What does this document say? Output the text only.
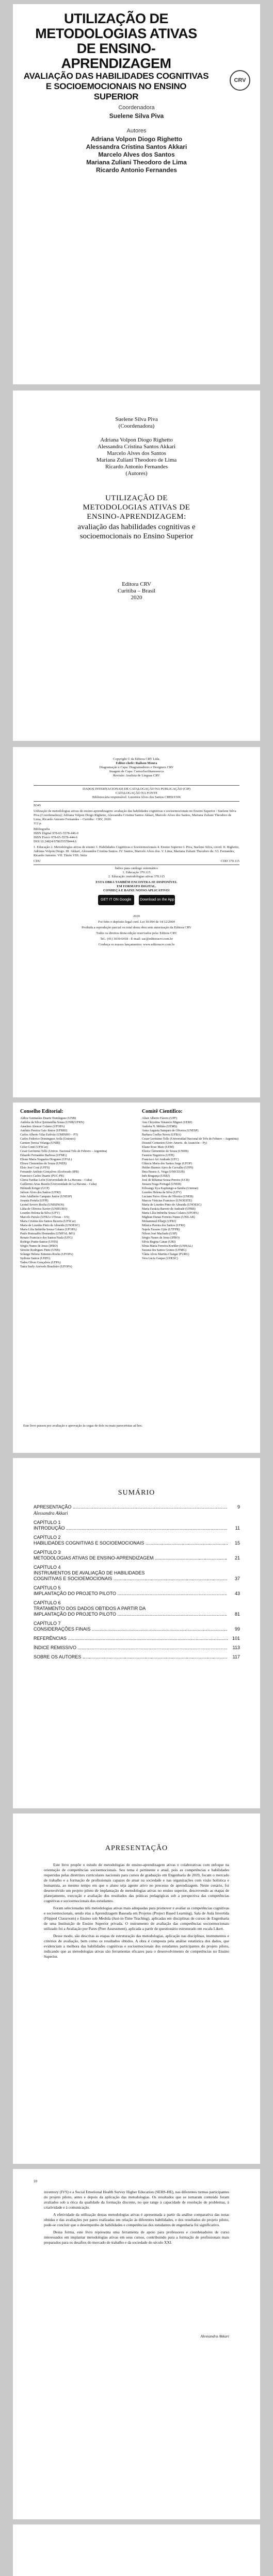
UTILIZAÇÃO DE
METODOLOGIAS ATIVAS
DE ENSINO-APRENDIZAGEM
AVALIAÇÃO DAS HABILIDADES COGNITIVAS
E SOCIOEMOCIONAIS NO ENSINO SUPERIOR
CRV
Coordenadora
Suelene Silva Piva
Autores
Adriana Volpon Diogo Righetto
Alessandra Cristina Santos Akkari
Marcelo Alves dos Santos
Mariana Zuliani Theodoro de Lima
Ricardo Antonio Fernandes
Suelene Silva Piva
(Coordenadora)
Adriana Volpon Diogo Righetto
Alessandra Cristina Santos Akkari
Marcelo Alves dos Santos
Mariana Zuliani Theodoro de Lima
Ricardo Antonio Fernandes
(Autores)
UTILIZAÇÃO DE
METODOLOGIAS ATIVAS DE
ENSINO-APRENDIZAGEM:
avaliação das habilidades cognitivas e
socioemocionais no Ensino Superior
Editora CRV
Curitiba – Brasil
2020
Copyright © da Editora CRV Ltda.
Editor-chefe: Railson Moura
Diagramação e Capa: Diagramadores e Designers CRV
Imagem de Capa: Canva/facilitanswerca
Revisão: Analista de Línguas CRV
DADOS INTERNACIONAIS DE CATALOGAÇÃO NA PUBLICAÇÃO (CIP)
CATALOGAÇÃO NA FONTE
Bibliotecária responsável: Luzenira Alves dos Santos CRB9/1506

B345

Utilização de metodologias ativas de ensino-aprendizagem: avaliação das habilidades cognitivas e socioemocionais no Ensino Superior / Suelene Silva Piva (Coordenadora); Adriana Volpon Diogo Righetto, Alessandra Cristina Santos Akkari, Marcelo Alves dos Santos, Mariana Zuliani Theodoro de Lima, Ricardo Antonio Fernandes – Curitiba : CRV, 2020.
112 p.

Bibliografia
ISBN Digital 978-65-5578-446-0
ISBN Físico 978-65-5578-444-6
DOI 10.24824/978655578444.6

1. Educação 2. Metodologias ativas de ensino 3. Habilidades Cognitivas e Socioemocionais 4. Ensino Superior I. Piva, Suelene Silva, coord. II. Righetto, Adriana Volpon Diogo. III. Akkari, Alessandra Cristina Santos. IV. Santos, Marcelo Alves dos. V. Lima, Mariana Zuliani Theodoro de. VI. Fernandes, Ricardo Antonio. VII. Título VIII. Série

CDU	CDD 370.115

Índice para catálogo sistemático
1. Educação 370.115
2. Educação: metodologias ativas 370.115

ESTA OBRA TAMBÉM ENCONTRA-SE DISPONÍVEL
EM FORMATO DIGITAL.
CONHEÇA E BAIXE NOSSO APLICATIVO!

GET IT ON Google Play Download on the App Store

2020

Foi feito o depósito legal conf. Lei 10.994 de 14/12/2004

Proibida a reprodução parcial ou total desta obra sem autorização da Editora CRV

Todos os direitos desta edição reservados pela: Editora CRV

Tel.: (41) 3039-6418 - E-mail: sac@editoracrv.com.br

Conheça os nossos lançamentos: www.editoracrv.com.br

Conselho Editorial:
Aldira Guimarães Duarte Domínguez (UNB)
Andréia da Silva Quintanilha Sousa (UNIR/UFRN)
Anselmo Alencar Colares (UFOPA)
Antônio Pereira Gaio Júnior (UFRRJ)
Carlos Alberto Vilar Estêvão (UMINHO – PT)
Carlos Federico Dominguez Avila (Unieuro)
Carmen Tereza Velanga (UNIR)
Celso Conti (UFSCar)
Cesar Gerónimo Tello (Univer. Nacional Três de Febrero – Argentina)
Eduardo Fernandes Barbosa (UFMG)
Elione Maria Nogueira Diogenes (UFAL)
Elizeu Clementino de Souza (UNEB)
Élsio José Corá (UFFS)
Fernando Antônio Gonçalves Alcoforado (IPB)
Francisco Carlos Duarte (PUC-PR)
Gloria Fariñas León (Universidade de La Havana – Cuba)
Guillermo Arias Beatón (Universidade de La Havana – Cuba)
Helmuth Krüger (UCP)
Jailson Alves dos Santos (UFRJ)
João Adalberto Campato Junior (UNESP)
Josania Portela (UFPI)
Leonel Severo Rocha (UNISINOS)
Lídia de Oliveira Xavier (UNIEURO)
Lourdes Helena da Silva (UFV)
Marcelo Paixão (UFRJ e UTexas – US)
Maria Cristina dos Santos Bezerra (UFSCar)
Maria de Lourdes Pinto de Almeida (UNOESC)
Maria Lília Imbiriba Sousa Colares (UFOPA)
Paulo Romualdo Hernandes (UNIFAL-MG)
Renato Francisco dos Santos Paula (UFG)
Rodrigo Pratte-Santos (UFES)
Sérgio Nunes de Jesus (IFRO)
Simone Rodrigues Pinto (UNB)
Solange Helena Ximenes-Rocha (UFOPA)
Sydione Santos (UEPG)
Tadeu Oliver Gonçalves (UFPA)
Tania Suely Azevedo Brasileiro (UFOPA)
Comitê Científico:
Altair Alberto Fávero (UPF)
Ana Chrystina Venancio Mignot (UERJ)
Andréia N. Militão (UEMS)
Anna Augusta Sampaio de Oliveira (UNESP)
Barbara Coelho Neves (UFBA)
Cesar Gerónimo Tello (Universidad Nacional de Três de Febrero – Argentina)
Diosnel Centurion (Univ Americ. de Asunción – Py)
Eliane Rose Maio (UEM)
Elizeu Clementino de Souza (UNEB)
Fauston Negreiros (UFPI)
Francisco Ari Andrade (UFC)
Gláucia Maria dos Santos Jorge (UFOP)
Helder Buenos Aires de Carvalho (UFPI)
Ilma Passos A. Veiga (UNICEUB)
Inês Bragança (UERJ)
José de Ribamar Sousa Pereira (UCB)
Jussara Fraga Portugal (UNEB)
Kilwangy Kya Kapitango-a-Samba (Unemat)
Lourdes Helena da Silva (UFV)
Luciane Paiva Alves de Oliveira (UNEB)
Marcos Vinicius Francisco (UNOESTE)
Maria de Lourdes Pinto de Almeida (UNOESC)
Maria Eurácia Barreto de Andrade (UFRB)
Maria Lília Imbiriba Sousa Colares (UFOPA)
Míghian Danae Ferreira Nunes (UNILAB)
Mohammed Elhajji (UFRJ)
Mônica Pereira dos Santos (UFRJ)
Najela Tavares Ujiie (UTFPR)
Nilson José Machado (USP)
Sérgio Nunes de Jesus (IFRO)
Silvia Regina Canan (URI)
Sônia Maria Ferreira Koehler (UNISAL)
Suzana dos Santos Gomes (UFMG)
Vânia Alves Martins Chaigar (FURG)
Vera Lucia Gaspar (UDESC)
Este livro passou por avaliação e aprovação às cegas de dois ou mais pareceristas ad hoc.
SUMÁRIO
APRESENTAÇÃO .....	9
Alessandra Akkari
CAPÍTULO 1
INTRODUÇÃO .....	11
CAPÍTULO 2
HABILIDADES COGNITIVAS E SOCIOEMOCIONAIS .....	15
CAPÍTULO 3
METODOLOGIAS ATIVAS DE ENSINO-APRENDIZAGEM .....	21
CAPÍTULO 4
INSTRUMENTOS DE AVALIAÇÃO DE HABILIDADES
COGNITIVAS E SOCIOEMOCIONAIS .....	37
CAPÍTULO 5
IMPLANTAÇÃO DO PROJETO PILOTO .....	43
CAPÍTULO 6
TRATAMENTO DOS DADOS OBTIDOS A PARTIR DA
IMPLANTAÇÃO DO PROJETO PILOTO .....	81
CAPÍTULO 7
CONSIDERAÇÕES FINAIS .....	99
REFERÊNCIAS .....	101
ÍNDICE REMISSIVO .....	113
SOBRE OS AUTORES .....	117
APRESENTAÇÃO

Este livro propõe o estudo de metodologias de ensino-aprendizagem ativas e colaborativas com enfoque na orientação de competências socioemocionais. Seu tema é pertinente e atual, pois as competências e habilidades requeridas pelas diretrizes curriculares nacionais para cursos de graduação em Engenharia de 2019, focam o mercado de trabalho e a formação de profissionais capazes de atuar na sociedade e nas organizações com visão holística e humanista, ao mesmo tempo em que o aluno seja agente ativo no processo de aprendizagem. Neste cenário, foi desenvolvido um projeto piloto de implantação de metodologias ativas no ensino superior, descrevendo as etapas de planejamento, execução e avaliação dos resultados das práticas pedagógicas sob a perspectiva das competências cognitivas e socioemocionais dos estudantes.

Foram selecionadas três metodologias ativas mais adequadas para promover e avaliar as competências cognitivas e socioemocionais, sendo elas a Aprendizagem Baseada em Projetos (Project Based Learning), Sala de Aula Invertida (Flipped Classroom) e Ensino sob Medida (Just-in-Time Teaching), aplicadas em disciplinas de cursos de Engenharia de uma Instituição de Ensino Superior privada. O instrumento de avaliação das competências socioemocionais utilizado foi a Avaliação por Pares (Peer Assessment), aplicada a partir de questionário estruturado em escala Likert.

Desse modo, são descritas as etapas de estruturação das metodologias, aplicação nas disciplinas, instrumentos e critérios de avaliação, bem como os resultados obtidos. A obra é composta pela análise estatística dos dados, que evidenciam a melhora das habilidades cognitivas e socioemocionais dos estudantes participantes do projeto piloto, indicando que as metodologias ativas são ferramentas eficazes para o desenvolvimento de competências no Ensino Superior.

10

inventory (IVS) e a Social Emotional Health Survey Higher Education (SEHS-HE), nas diferentes turmas participantes do projeto piloto, antes e depois da aplicação das metodologias. Os resultados que se tornaram conteúdo foram avaliados sob a ótica da qualidade da formação discente, no que tange à capacidade de resolução de problemas, à criatividade e à comunicação.

A efetividade da utilização destas metodologias ativas é apresentada a partir da análise comparativa das notas obtidas e das avaliações por pares realizadas em relação às diferentes habilidades, e dos resultados do projeto piloto, pode-se concluir que o desempenho de habilidades e competências dos estudantes de engenharia foi significativo.

Dessa forma, este livro representa uma ferramenta de apoio para professores e coordenadores de curso interessados em implantar metodologias ativas em seus cursos, contribuindo para a formação de profissionais mais preparados para os desafios do mercado de trabalho e da sociedade do século XXI.

Alessandra Akkari
